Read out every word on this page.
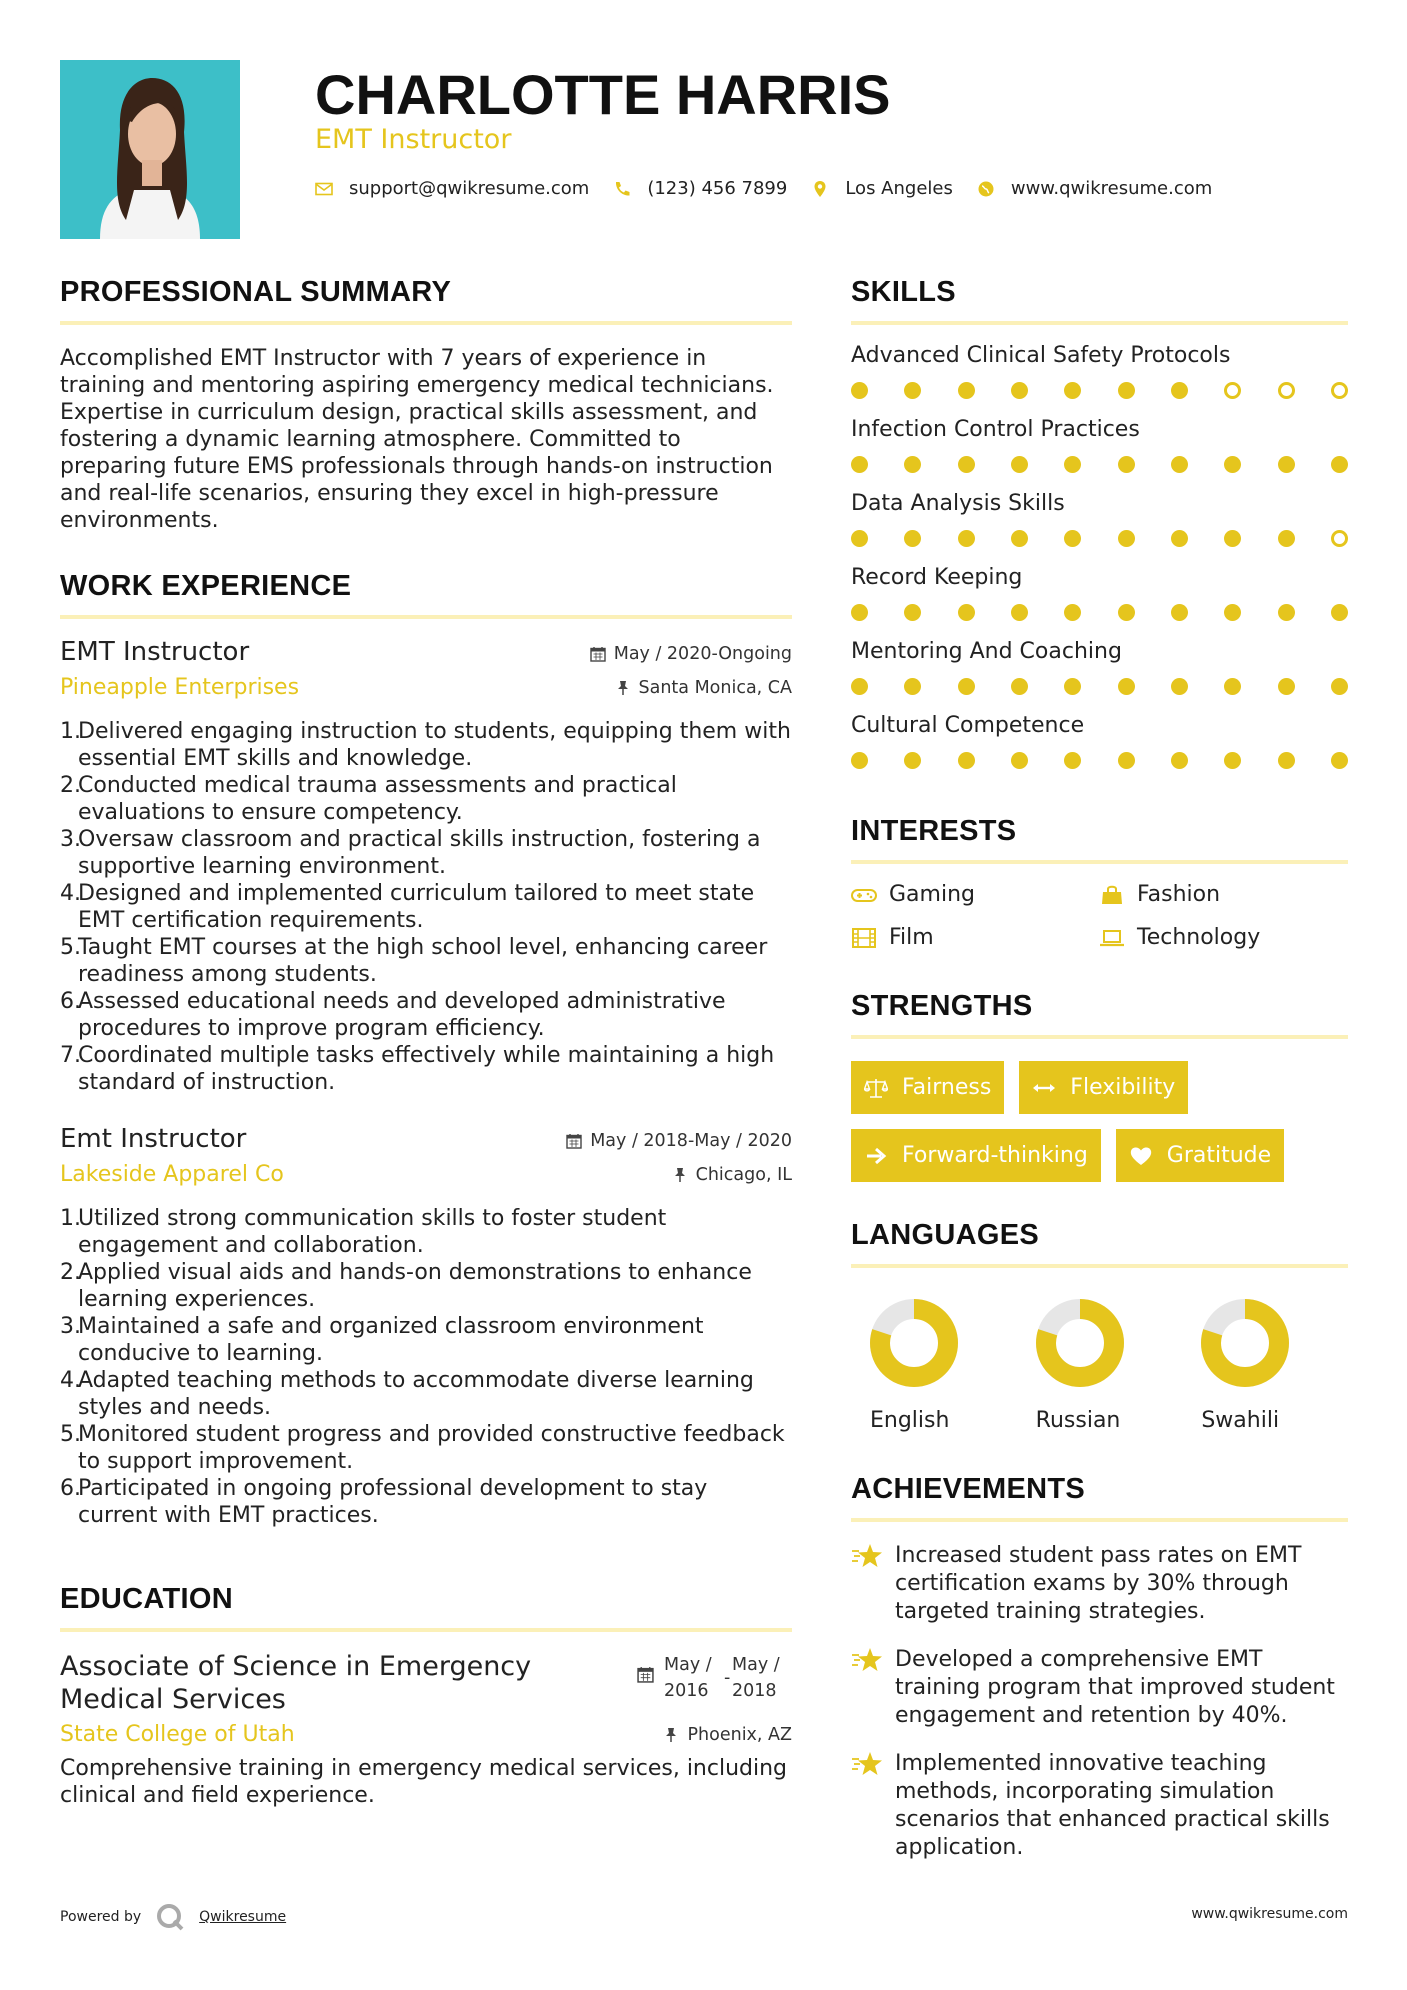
CHARLOTTE HARRIS
EMT Instructor
support@qwikresume.com	(123) 456 7899	Los Angeles	www.qwikresume.com
PROFESSIONAL SUMMARY
Accomplished EMT Instructor with 7 years of experience in training and mentoring aspiring emergency medical technicians. Expertise in curriculum design, practical skills assessment, and fostering a dynamic learning atmosphere. Committed to preparing future EMS professionals through hands-on instruction and real-life scenarios, ensuring they excel in high-pressure environments.
WORK EXPERIENCE
EMT Instructor	May / 2020-Ongoing
Santa Monica, CA
Pineapple Enterprises
1.
Delivered engaging instruction to students, equipping them with essential EMT skills and knowledge.
2.
Conducted medical trauma assessments and practical evaluations to ensure competency.
3.
Oversaw classroom and practical skills instruction, fostering a supportive learning environment.
4.
Designed and implemented curriculum tailored to meet state EMT certification requirements.
5.
Taught EMT courses at the high school level, enhancing career readiness among students.
6.
Assessed educational needs and developed administrative procedures to improve program efficiency.
7.
Coordinated multiple tasks effectively while maintaining a high standard of instruction.
Emt Instructor	May / 2018-May / 2020
Chicago, IL
Lakeside Apparel Co
1.
Utilized strong communication skills to foster student engagement and collaboration.
2.
Applied visual aids and hands-on demonstrations to enhance learning experiences.
3.
Maintained a safe and organized classroom environment conducive to learning.
4.
Adapted teaching methods to accommodate diverse learning styles and needs.
5.
Monitored student progress and provided constructive feedback to support improvement.
6.
Participated in ongoing professional development to stay current with EMT practices.
EDUCATION
Associate of Science in Emergency Medical Services
May /
2016
-
May /
2018
State College of Utah	Phoenix, AZ
Comprehensive training in emergency medical services, including clinical and field experience.
SKILLS
Advanced Clinical Safety Protocols
Infection Control Practices
Data Analysis Skills
Record Keeping
Mentoring And Coaching
Cultural Competence
INTERESTS
Gaming	Fashion
Film	Technology
STRENGTHS
Fairness	Flexibility
Forward-thinking	Gratitude
LANGUAGES
English	Russian	Swahili
ACHIEVEMENTS
Increased student pass rates on EMT certification exams by 30% through targeted training strategies.
Developed a comprehensive EMT training program that improved student engagement and retention by 40%.
Implemented innovative teaching methods, incorporating simulation scenarios that enhanced practical skills application.
Powered by	Qwikresume	www.qwikresume.com
